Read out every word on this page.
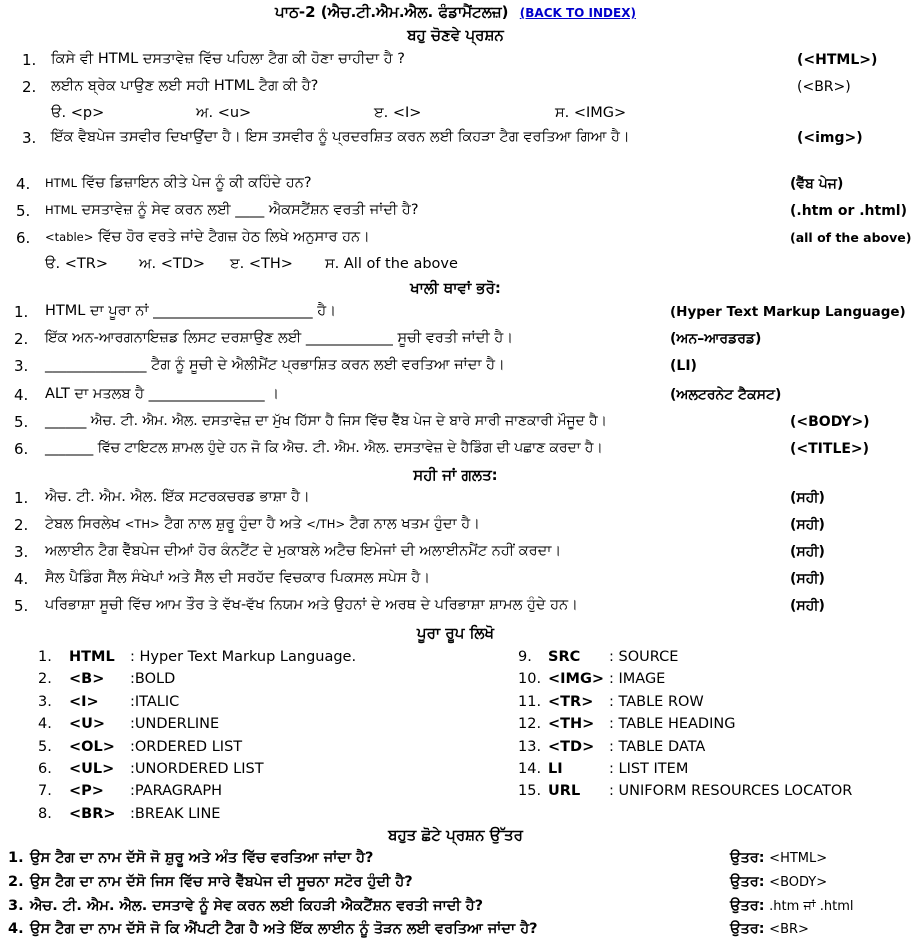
ਪਾਠ-2 (ਐਚ.ਟੀ.ਐਮ.ਐਲ. ਫੰਡਾਮੈਂਟਲਜ਼) (BACK TO INDEX)
ਬਹੁ ਚੋਣਵੇ ਪ੍ਰਸ਼ਨ
1. ਕਿਸੇ ਵੀ HTML ਦਸਤਾਵੇਜ਼ ਵਿੱਚ ਪਹਿਲਾ ਟੈਗ ਕੀ ਹੋਣਾ ਚਾਹੀਦਾ ਹੈ ?	(<HTML>)
2. ਲਈਨ ਬ੍ਰੇਕ ਪਾਉਣ ਲਈ ਸਹੀ HTML ਟੈਗ ਕੀ ਹੈ?	(<BR>)
ੳ. <p>	ਅ. <u>	ੲ. <I>	ਸ. <IMG>
3. ਇੱਕ ਵੈਬਪੇਜ ਤਸਵੀਰ ਦਿਖਾਉਂਦਾ ਹੈ। ਇਸ ਤਸਵੀਰ ਨੂੰ ਪ੍ਰਦਰਸ਼ਿਤ ਕਰਨ ਲਈ ਕਿਹੜਾ ਟੈਗ ਵਰਤਿਆ ਗਿਆ ਹੈ।	(<img>)
4. HTML ਵਿੱਚ ਡਿਜ਼ਾਇਨ ਕੀਤੇ ਪੇਜ ਨੂੰ ਕੀ ਕਹਿੰਦੇ ਹਨ?	(ਵੈੱਬ ਪੇਜ)
5. HTML ਦਸਤਾਵੇਜ਼ ਨੂੰ ਸੇਵ ਕਰਨ ਲਈ ____ ਐਕਸਟੈਂਸ਼ਨ ਵਰਤੀ ਜਾਂਦੀ ਹੈ?	(.htm or .html)
6. <table> ਵਿੱਚ ਹੋਰ ਵਰਤੇ ਜਾਂਦੇ ਟੈਗਜ਼ ਹੇਠ ਲਿਖੇ ਅਨੁਸਾਰ ਹਨ।	(all of the above)
ੳ. <TR> ਅ. <TD> ੲ. <TH> ਸ. All of the above
ਖਾਲੀ ਥਾਵਾਂ ਭਰੋ:
1. HTML ਦਾ ਪੂਰਾ ਨਾਂ ______________________ ਹੈ।	(Hyper Text Markup Language)
2. ਇੱਕ ਅਨ-ਆਰਗਨਾਇਜ਼ਡ ਲਿਸਟ ਦਰਸ਼ਾਉਣ ਲਈ ____________ ਸੂਚੀ ਵਰਤੀ ਜਾਂਦੀ ਹੈ।	(ਅਨ–ਆਰਡਰਡ)
3. ______________ ਟੈਗ ਨੂੰ ਸੂਚੀ ਦੇ ਐਲੀਮੈਂਟ ਪ੍ਰਭਾਸ਼ਿਤ ਕਰਨ ਲਈ ਵਰਤਿਆ ਜਾਂਦਾ ਹੈ।	(LI)
4. ALT ਦਾ ਮਤਲਬ ਹੈ ________________ ।	(ਅਲਟਰਨੇਟ ਟੈਕਸਟ)
5. ______ ਐਚ. ਟੀ. ਐਮ. ਐਲ. ਦਸਤਾਵੇਜ਼ ਦਾ ਮੁੱਖ ਹਿੱਸਾ ਹੈ ਜਿਸ ਵਿੱਚ ਵੈੱਬ ਪੇਜ ਦੇ ਬਾਰੇ ਸਾਰੀ ਜਾਣਕਾਰੀ ਮੌਜੂਦ ਹੈ।	(<BODY>)
6. _______ ਵਿੱਚ ਟਾਇਟਲ ਸ਼ਾਮਲ ਹੁੰਦੇ ਹਨ ਜੋ ਕਿ ਐਚ. ਟੀ. ਐਮ. ਐਲ. ਦਸਤਾਵੇਜ਼ ਦੇ ਹੈਡਿੰਗ ਦੀ ਪਛਾਣ ਕਰਦਾ ਹੈ।	(<TITLE>)
ਸਹੀ ਜਾਂ ਗਲਤ:
1. ਐਚ. ਟੀ. ਐਮ. ਐਲ. ਇੱਕ ਸਟਰਕਚਰਡ ਭਾਸ਼ਾ ਹੈ।	(ਸਹੀ)
2. ਟੇਬਲ ਸਿਰਲੇਖ <TH> ਟੈਗ ਨਾਲ ਸ਼ੁਰੂ ਹੁੰਦਾ ਹੈ ਅਤੇ </TH> ਟੈਗ ਨਾਲ ਖਤਮ ਹੁੰਦਾ ਹੈ।	(ਸਹੀ)
3. ਅਲਾਈਨ ਟੈਗ ਵੈੱਬਪੇਜ ਦੀਆਂ ਹੋਰ ਕੰਨਟੈਂਟ ਦੇ ਮੁਕਾਬਲੇ ਅਟੈਚ ਇਮੇਜਾਂ ਦੀ ਅਲਾਈਨਮੈਂਟ ਨਹੀਂ ਕਰਦਾ।	(ਸਹੀ)
4. ਸੈਲ ਪੈਡਿੰਗ ਸੈੱਲ ਸੰਖੇਪਾਂ ਅਤੇ ਸੈੱਲ ਦੀ ਸਰਹੱਦ ਵਿਚਕਾਰ ਪਿਕਸਲ ਸਪੇਸ ਹੈ।	(ਸਹੀ)
5. ਪਰਿਭਾਸ਼ਾ ਸੂਚੀ ਵਿੱਚ ਆਮ ਤੌਰ ਤੇ ਵੱਖ-ਵੱਖ ਨਿਯਮ ਅਤੇ ਉਹਨਾਂ ਦੇ ਅਰਥ ਦੇ ਪਰਿਭਾਸ਼ਾ ਸ਼ਾਮਲ ਹੁੰਦੇ ਹਨ।	(ਸਹੀ)
ਪੂਰਾ ਰੂਪ ਲਿਖੋ
1. HTML : Hyper Text Markup Language.
2. <B> :BOLD
3. <I> :ITALIC
4. <U> :UNDERLINE
5. <OL> :ORDERED LIST
6. <UL> :UNORDERED LIST
7. <P> :PARAGRAPH
8. <BR> :BREAK LINE
9. SRC : SOURCE
10. <IMG> : IMAGE
11. <TR> : TABLE ROW
12. <TH> : TABLE HEADING
13. <TD> : TABLE DATA
14. LI	: LIST ITEM
15. URL : UNIFORM RESOURCES LOCATOR
ਬਹੁਤ ਛੋਟੇ ਪ੍ਰਸ਼ਨ ਉੱਤਰ
1. ਉਸ ਟੈਗ ਦਾ ਨਾਮ ਦੱਸੋ ਜੋ ਸ਼ੁਰੂ ਅਤੇ ਅੰਤ ਵਿੱਚ ਵਰਤਿਆ ਜਾਂਦਾ ਹੈ?	ਉਤਰ: <HTML>
2. ਉਸ ਟੈਗ ਦਾ ਨਾਮ ਦੱਸੋ ਜਿਸ ਵਿੱਚ ਸਾਰੇ ਵੈੱਬਪੇਜ ਦੀ ਸੂਚਨਾ ਸਟੋਰ ਹੁੰਦੀ ਹੈ?	ਉਤਰ: <BODY>
3. ਐਚ. ਟੀ. ਐਮ. ਐਲ. ਦਸਤਾਵੇ ਨੂੰ ਸੇਵ ਕਰਨ ਲਈ ਕਿਹੜੀ ਐਕਟੈਂਸ਼ਨ ਵਰਤੀ ਜਾਦੀ ਹੈ?	ਉਤਰ: .htm ਜਾਂ .html
4. ਉਸ ਟੈਗ ਦਾ ਨਾਮ ਦੱਸੋ ਜੋ ਕਿ ਐਂਪਟੀ ਟੈਗ ਹੈ ਅਤੇ ਇੱਕ ਲਾਈਨ ਨੂੰ ਤੋੜਨ ਲਈ ਵਰਤਿਆ ਜਾਂਦਾ ਹੈ?	ਉਤਰ: <BR>
